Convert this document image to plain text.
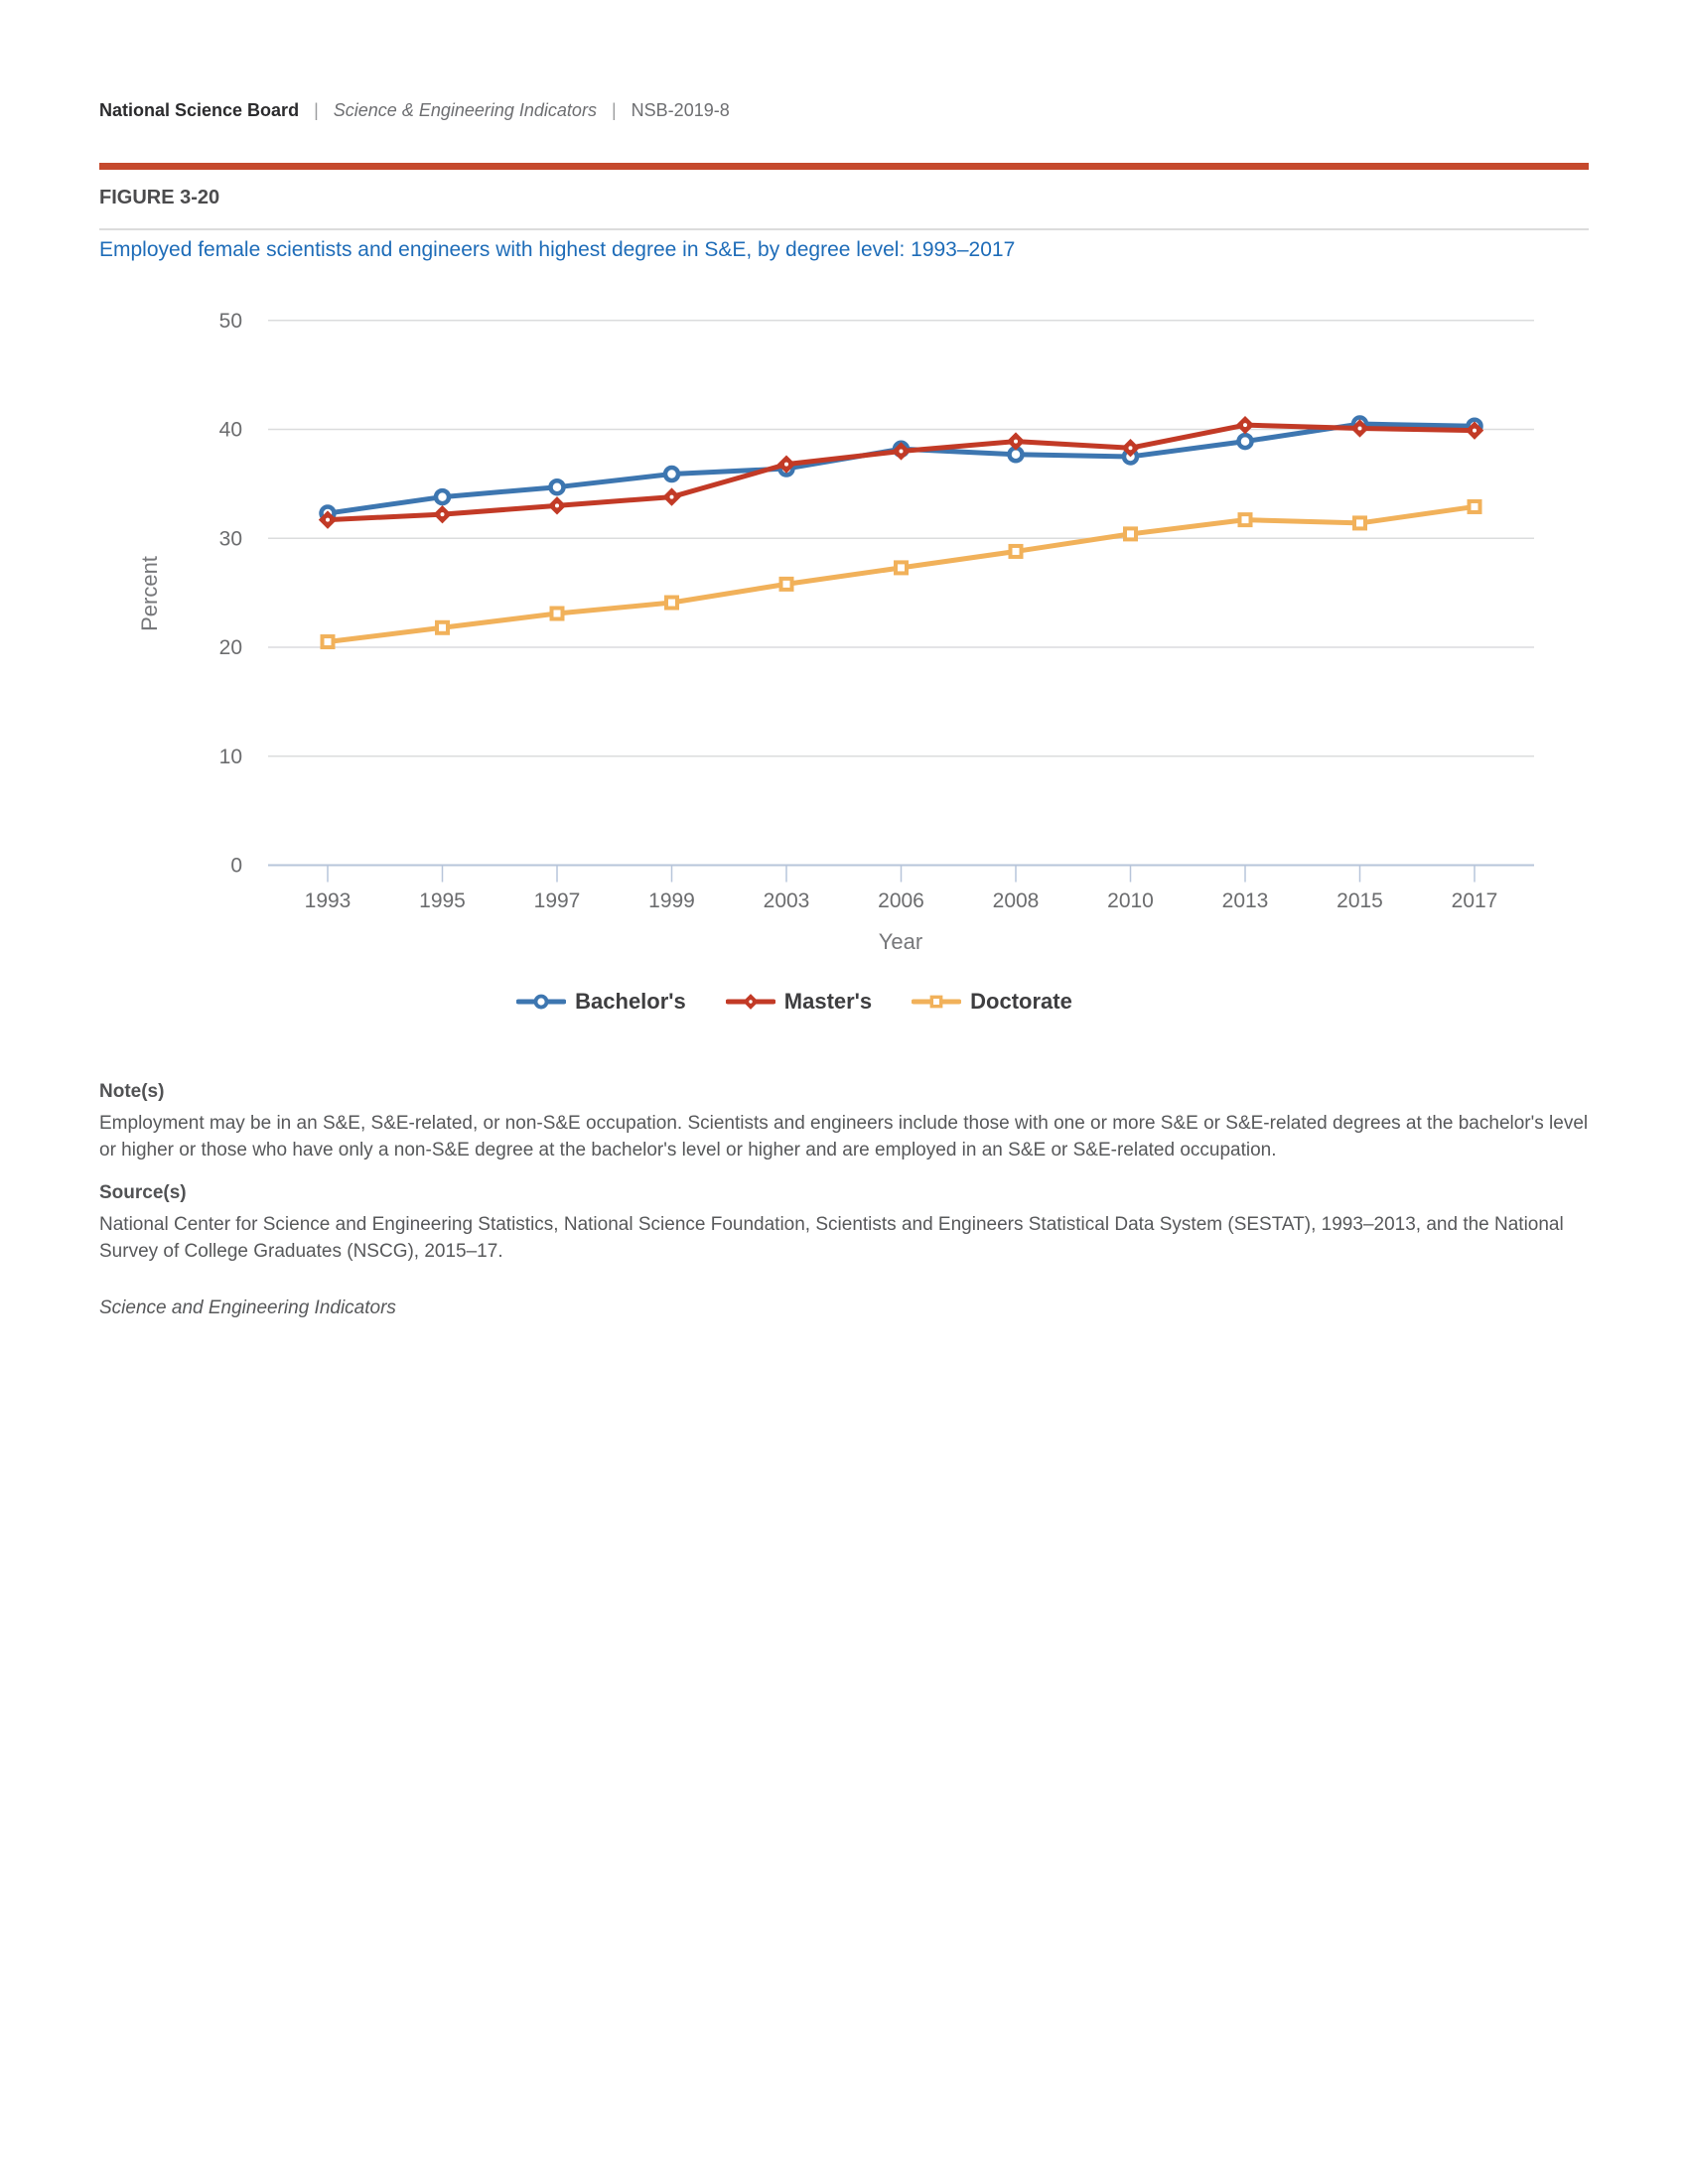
National Science Board | Science & Engineering Indicators | NSB-2019-8
FIGURE 3-20
Employed female scientists and engineers with highest degree in S&E, by degree level: 1993–2017
0
10
20
30
40
50
1993	1995	1997	1999	2003	2006	2008	2010	2013	2015	2017
Year
Percent
Bachelor's	Master's	Doctorate

Note(s)

Employment may be in an S&E, S&E-related, or non-S&E occupation. Scientists and engineers include those with one or more S&E or S&E-related degrees at the bachelor's level or higher or those who have only a non-S&E degree at the bachelor's level or higher and are employed in an S&E or S&E-related occupation.

Source(s)

National Center for Science and Engineering Statistics, National Science Foundation, Scientists and Engineers Statistical Data System (SESTAT), 1993–2013, and the National Survey of College Graduates (NSCG), 2015–17.

Science and Engineering Indicators
